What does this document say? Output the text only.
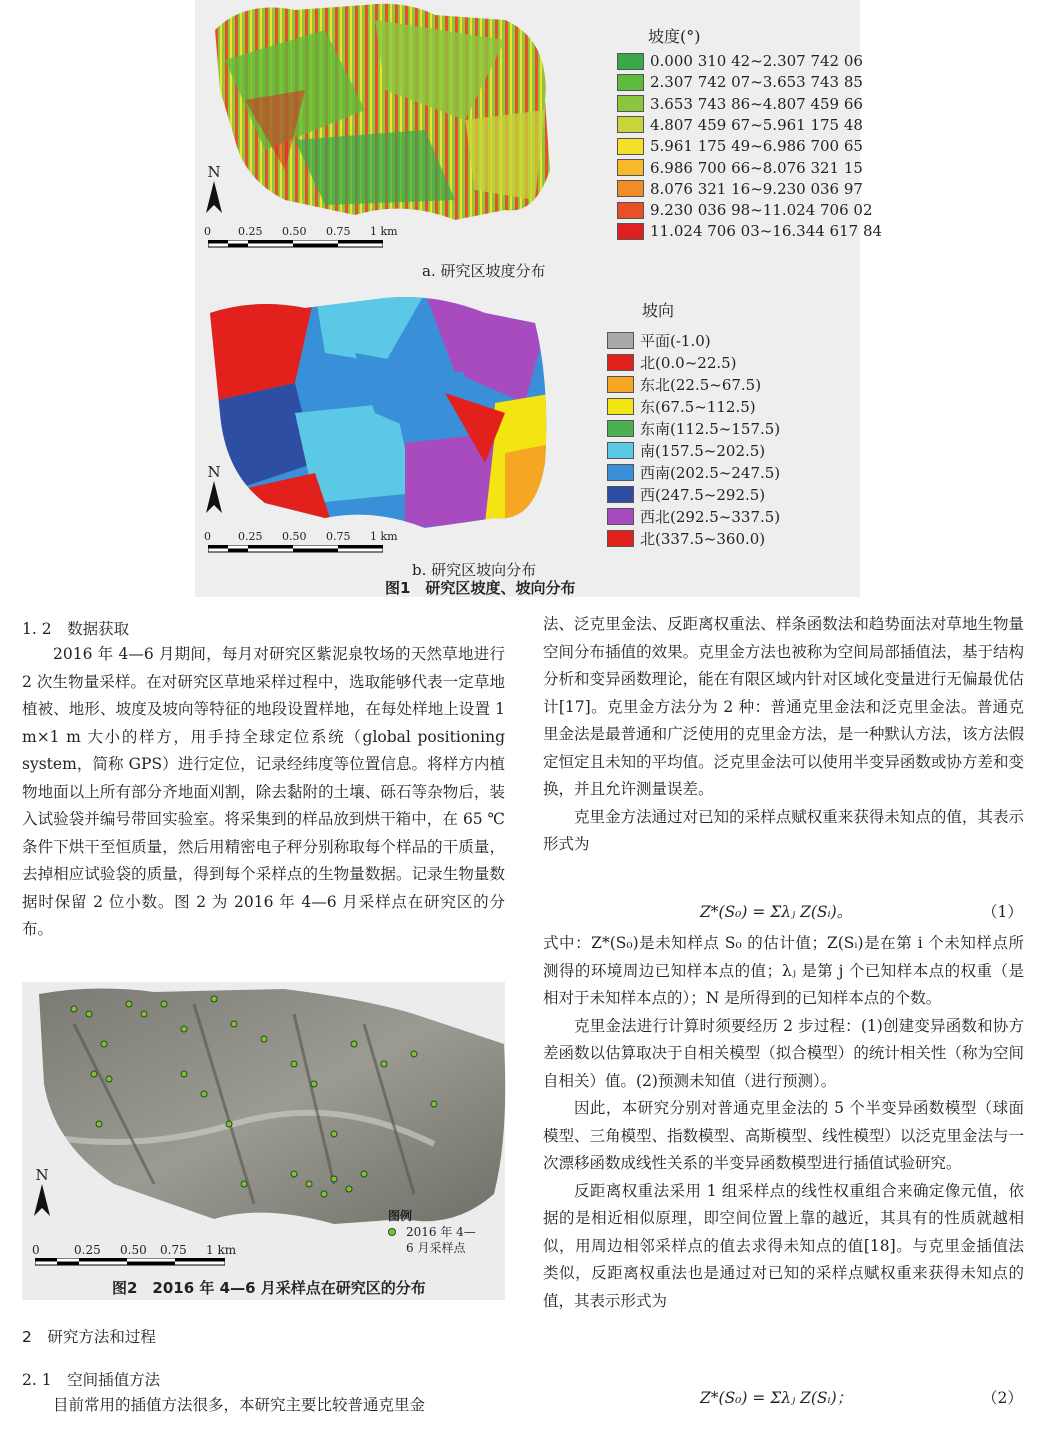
N
0	0.25	0.50	0.75	1 km
坡度(°)
0.000 310 42~2.307 742 06
2.307 742 07~3.653 743 85
3.653 743 86~4.807 459 66
4.807 459 67~5.961 175 48
5.961 175 49~6.986 700 65
6.986 700 66~8.076 321 15
8.076 321 16~9.230 036 97
9.230 036 98~11.024 706 02
11.024 706 03~16.344 617 84
a. 研究区坡度分布
N
0	0.25	0.50	0.75	1 km
坡向
平面(-1.0)
北(0.0~22.5)
东北(22.5~67.5)
东(67.5~112.5)
东南(112.5~157.5)
南(157.5~202.5)
西南(202.5~247.5)
西(247.5~292.5)
西北(292.5~337.5)
北(337.5~360.0)
b. 研究区坡向分布
图1　研究区坡度、坡向分布
1. 2　数据获取

2016 年 4—6 月期间，每月对研究区紫泥泉牧场的天然草地进行 2 次生物量采样。在对研究区草地采样过程中，选取能够代表一定草地植被、地形、坡度及坡向等特征的地段设置样地，在每处样地上设置 1 m×1 m 大小的样方，用手持全球定位系统（global positioning system，简称 GPS）进行定位，记录经纬度等位置信息。将样方内植物地面以上所有部分齐地面刈割，除去黏附的土壤、砾石等杂物后，装入试验袋并编号带回实验室。将采集到的样品放到烘干箱中，在 65 ℃条件下烘干至恒质量，然后用精密电子秤分别称取每个样品的干质量，去掉相应试验袋的质量，得到每个采样点的生物量数据。记录生物量数据时保留 2 位小数。图 2 为 2016 年 4—6 月采样点在研究区的分布。

N
0	0.25	0.50	0.75	1 km
图例
2016 年 4—
6 月采样点
图2　2016 年 4—6 月采样点在研究区的分布
2　研究方法和过程
2. 1　空间插值方法

目前常用的插值方法很多，本研究主要比较普通克里金

法、泛克里金法、反距离权重法、样条函数法和趋势面法对草地生物量空间分布插值的效果。克里金方法也被称为空间局部插值法，基于结构分析和变异函数理论，能在有限区域内针对区域化变量进行无偏最优估计[17]。克里金方法分为 2 种：普通克里金法和泛克里金法。普通克里金法是最普通和广泛使用的克里金方法，是一种默认方法，该方法假定恒定且未知的平均值。泛克里金法可以使用半变异函数或协方差和变换，并且允许测量误差。

克里金方法通过对已知的采样点赋权重来获得未知点的值，其表示形式为

Z*(S₀) = Σλⱼ Z(Sᵢ)。	（1）

式中：Z*(S₀)是未知样点 S₀ 的估计值；Z(Sᵢ)是在第 i 个未知样点所测得的环境周边已知样本点的值；λⱼ 是第 j 个已知样本点的权重（是相对于未知样本点的）；N 是所得到的已知样本点的个数。

克里金法进行计算时须要经历 2 步过程：(1)创建变异函数和协方差函数以估算取决于自相关模型（拟合模型）的统计相关性（称为空间自相关）值。(2)预测未知值（进行预测）。

因此，本研究分别对普通克里金法的 5 个半变异函数模型（球面模型、三角模型、指数模型、高斯模型、线性模型）以泛克里金法与一次漂移函数成线性关系的半变异函数模型进行插值试验研究。

反距离权重法采用 1 组采样点的线性权重组合来确定像元值，依据的是相近相似原理，即空间位置上靠的越近，其具有的性质就越相似，用周边相邻采样点的值去求得未知点的值[18]。与克里金插值法类似，反距离权重法也是通过对已知的采样点赋权重来获得未知点的值，其表示形式为

Z*(S₀) = Σλⱼ Z(Sᵢ)；	（2）
